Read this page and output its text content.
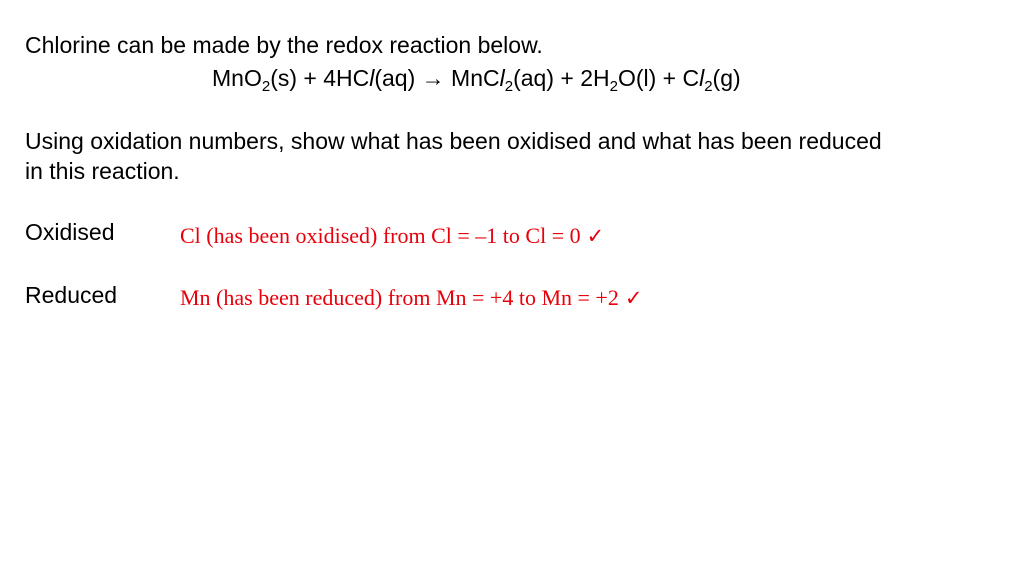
Chlorine can be made by the redox reaction below.
MnO$_2$(s) + 4HCl(aq) → MnCl$_2$(aq) + $2H_2O(l) + Cl_2(g)$
Using oxidation numbers, show what has been oxidised and what has been reduced
in this reaction.
Oxidised	Cl (has been oxidised) from Cl = –1 to Cl = 0 ✓
Reduced	Mn (has been reduced) from Mn = +4 to Mn = +2 ✓
